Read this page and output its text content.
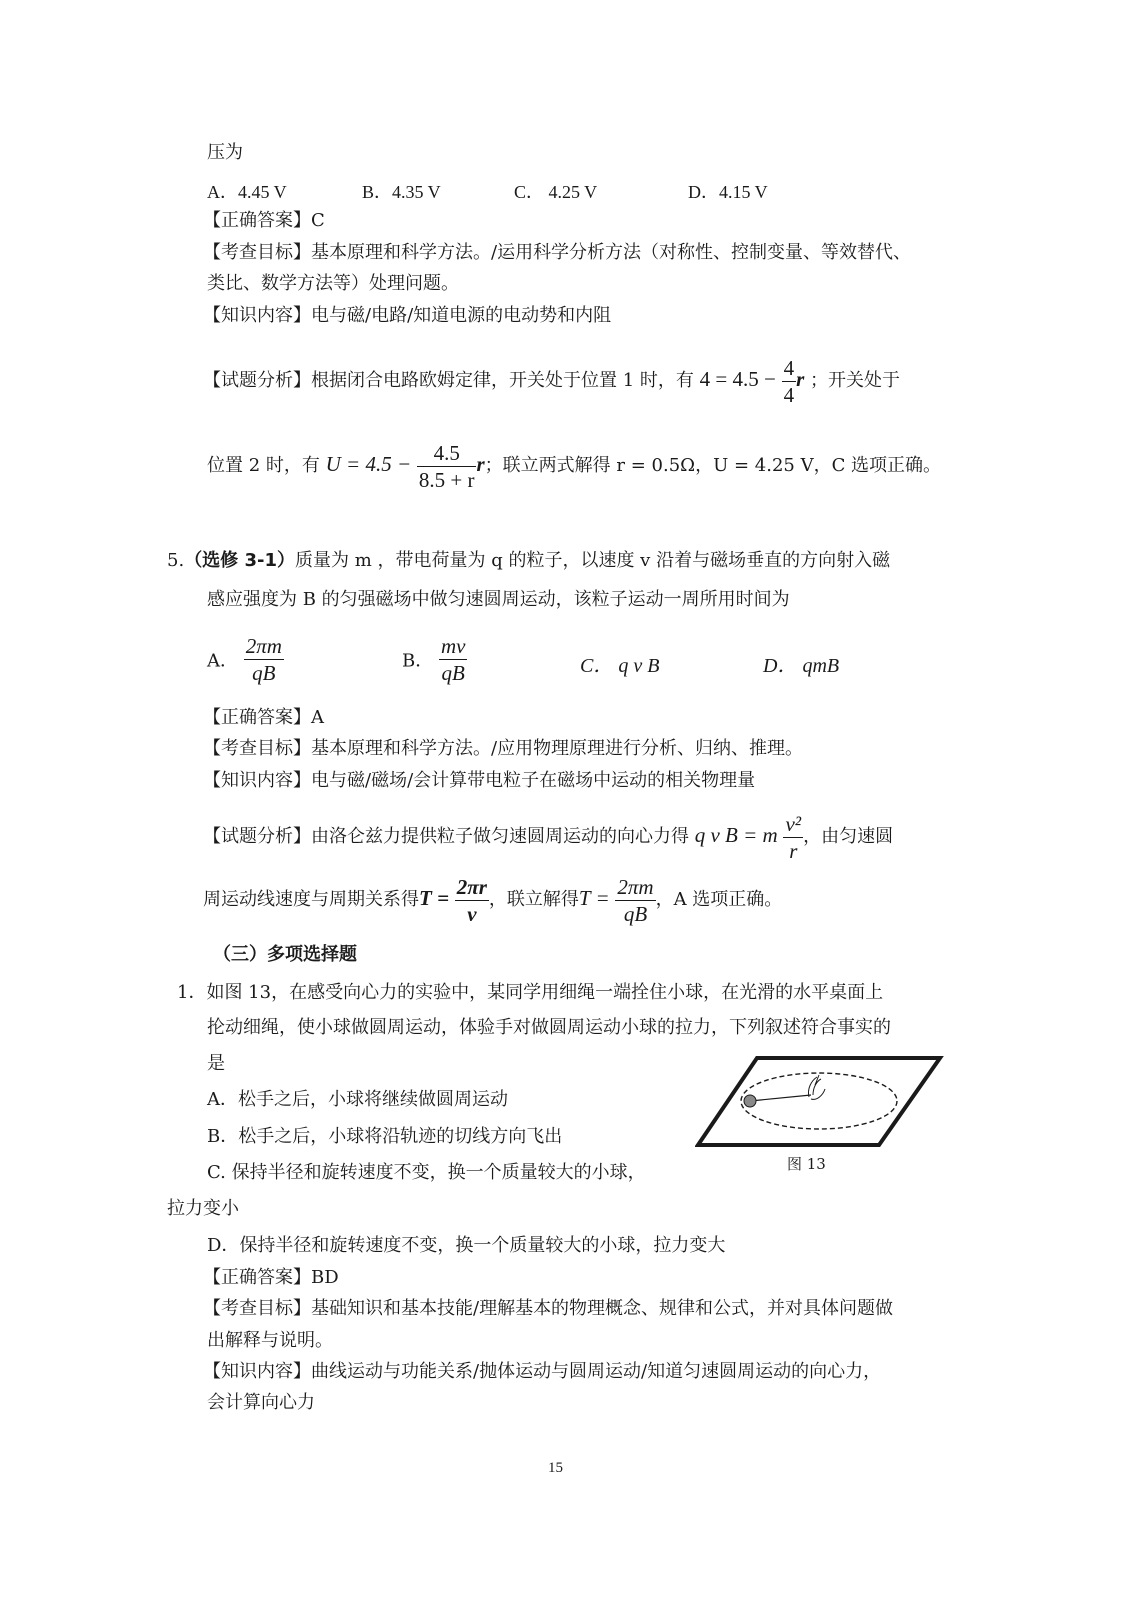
压为
A．4.45 V	B．4.35 V	C． 4.25 V	D．4.15 V
【正确答案】C
【考查目标】基本原理和科学方法。/运用科学分析方法（对称性、控制变量、等效替代、
类比、数学方法等）处理问题。
【知识内容】电与磁/电路/知道电源的电动势和内阻
【试题分析】根据闭合电路欧姆定律，开关处于位置 1 时，有 $4 = 4.5 - \frac{4}{4}$ r ；开关处于
位置 2 时，有 $U = 4.5 - \frac{4.5}{8.5 + r}$ r；联立两式解得 r = 0.5Ω，U = 4.25 V，C 选项正确。
5.（选修 3-1）质量为 m ，带电荷量为 q 的粒子，以速度 v 沿着与磁场垂直的方向射入磁
感应强度为 B 的匀强磁场中做匀速圆周运动，该粒子运动一周所用时间为
A． $\frac{2\pi m}{qB}$	B． $\frac{mv}{qB}$	C． q v B	D． qmB
【正确答案】A
【考查目标】基本原理和科学方法。/应用物理原理进行分析、归纳、推理。
【知识内容】电与磁/磁场/会计算带电粒子在磁场中运动的相关物理量
【试题分析】由洛仑兹力提供粒子做匀速圆周运动的向心力得 q v B = m $\frac{\text{v²}}{r}$ ，由匀速圆
周运动线速度与周期关系得$T = \frac{2\pi r}{v}$ ，联立解得$T = \frac{2\pi m}{qB}$ ，A 选项正确。
（三）多项选择题
1．如图 13，在感受向心力的实验中，某同学用细绳一端拴住小球，在光滑的水平桌面上
抡动细绳，使小球做圆周运动，体验手对做圆周运动小球的拉力，下列叙述符合事实的
是
A．松手之后，小球将继续做圆周运动
B．松手之后，小球将沿轨迹的切线方向飞出
C. 保持半径和旋转速度不变，换一个质量较大的小球，
拉力变小
D．保持半径和旋转速度不变，换一个质量较大的小球，拉力变大
图 13
【正确答案】BD
【考查目标】基础知识和基本技能/理解基本的物理概念、规律和公式，并对具体问题做
出解释与说明。
【知识内容】曲线运动与功能关系/抛体运动与圆周运动/知道匀速圆周运动的向心力，
会计算向心力
15
